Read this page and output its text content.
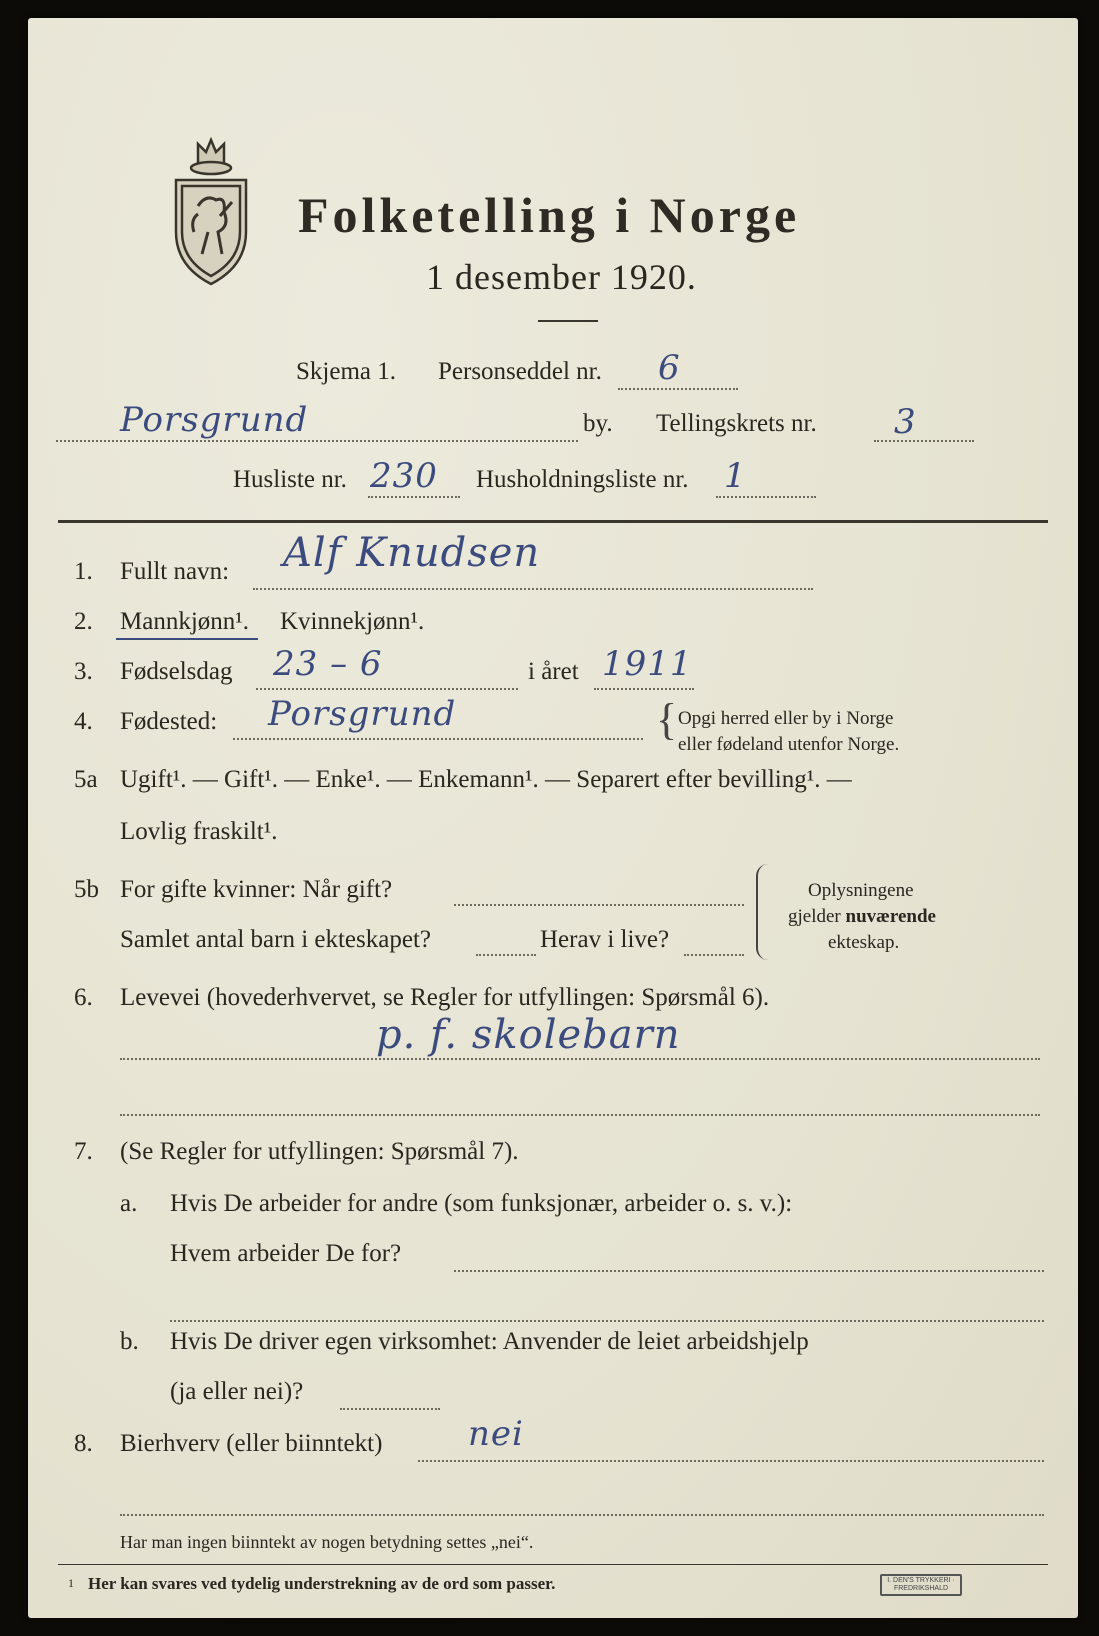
Folketelling i Norge
1 desember 1920.
Skjema 1. Personseddel nr. 6
Porsgrund	by. Tellingskrets nr. 3
Husliste nr. 230 Husholdningsliste nr. 1
1. Fullt navn: Alf Knudsen
2. Mannkjønn¹. Kvinnekjønn¹.
3. Fødselsdag 23 – 6	i året 1911
4. Fødested: Porsgrund	{ Opgi herred eller by i Norge
eller fødeland utenfor Norge.
5a Ugift¹. — Gift¹. — Enke¹. — Enkemann¹. — Separert efter bevilling¹. —
Lovlig fraskilt¹.
5b For gifte kvinner: Når gift?
Samlet antal barn i ekteskapet?	Herav i live?
Oplysningene
gjelder nuværende
ekteskap.
6. Levevei (hovederhvervet, se Regler for utfyllingen: Spørsmål 6).
p. f. skolebarn
7. (Se Regler for utfyllingen: Spørsmål 7).
a. Hvis De arbeider for andre (som funksjonær, arbeider o. s. v.):
Hvem arbeider De for?
b. Hvis De driver egen virksomhet: Anvender de leiet arbeidshjelp
(ja eller nei)?
8. Bierhverv (eller biinntekt)	nei
Har man ingen biinntekt av nogen betydning settes „nei“.
1 Her kan svares ved tydelig understrekning av de ord som passer.	I. DEN'S TRYKKERI · FREDRIKSHALD
